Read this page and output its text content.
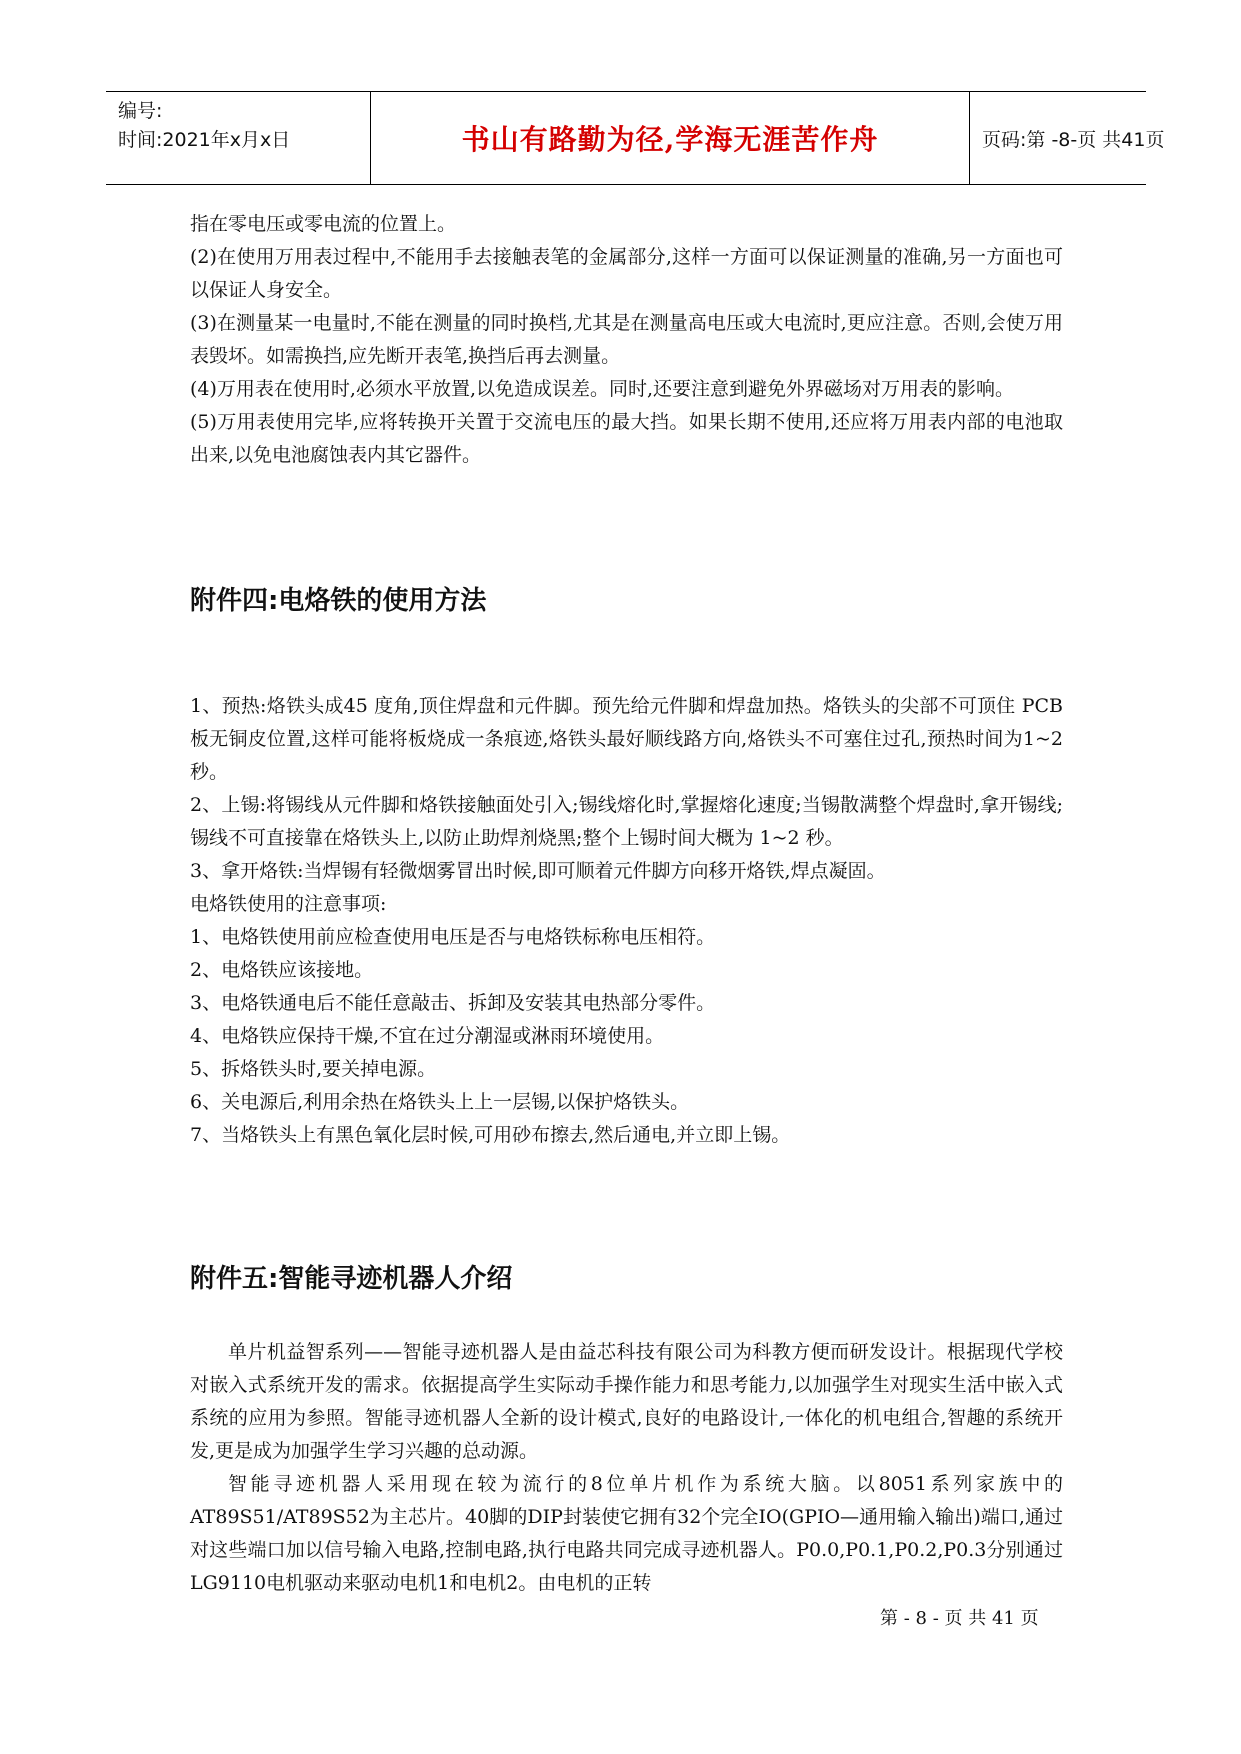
编号:
时间:2021年x月x日	书山有路勤为径,学海无涯苦作舟	页码:第 -8-页 共41页

指在零电压或零电流的位置上。

(2)在使用万用表过程中,不能用手去接触表笔的金属部分,这样一方面可以保证测量的准确,另一方面也可以保证人身安全。

(3)在测量某一电量时,不能在测量的同时换档,尤其是在测量高电压或大电流时,更应注意。否则,会使万用表毁坏。如需换挡,应先断开表笔,换挡后再去测量。

(4)万用表在使用时,必须水平放置,以免造成误差。同时,还要注意到避免外界磁场对万用表的影响。

(5)万用表使用完毕,应将转换开关置于交流电压的最大挡。如果长期不使用,还应将万用表内部的电池取出来,以免电池腐蚀表内其它器件。

附件四:电烙铁的使用方法

1、预热:烙铁头成45 度角,顶住焊盘和元件脚。预先给元件脚和焊盘加热。烙铁头的尖部不可顶住 PCB 板无铜皮位置,这样可能将板烧成一条痕迹,烙铁头最好顺线路方向,烙铁头不可塞住过孔,预热时间为1~2 秒。

2、上锡:将锡线从元件脚和烙铁接触面处引入;锡线熔化时,掌握熔化速度;当锡散满整个焊盘时,拿开锡线;锡线不可直接靠在烙铁头上,以防止助焊剂烧黑;整个上锡时间大概为 1~2 秒。

3、拿开烙铁:当焊锡有轻微烟雾冒出时候,即可顺着元件脚方向移开烙铁,焊点凝固。

电烙铁使用的注意事项:

1、电烙铁使用前应检查使用电压是否与电烙铁标称电压相符。

2、电烙铁应该接地。

3、电烙铁通电后不能任意敲击、拆卸及安装其电热部分零件。

4、电烙铁应保持干燥,不宜在过分潮湿或淋雨环境使用。

5、拆烙铁头时,要关掉电源。

6、关电源后,利用余热在烙铁头上上一层锡,以保护烙铁头。

7、当烙铁头上有黑色氧化层时候,可用砂布擦去,然后通电,并立即上锡。

附件五:智能寻迹机器人介绍

单片机益智系列——智能寻迹机器人是由益芯科技有限公司为科教方便而研发设计。根据现代学校对嵌入式系统开发的需求。依据提高学生实际动手操作能力和思考能力,以加强学生对现实生活中嵌入式系统的应用为参照。智能寻迹机器人全新的设计模式,良好的电路设计,一体化的机电组合,智趣的系统开发,更是成为加强学生学习兴趣的总动源。

智能寻迹机器人采用现在较为流行的8位单片机作为系统大脑。以8051系列家族中的AT89S51/AT89S52为主芯片。40脚的DIP封装使它拥有32个完全IO(GPIO—通用输入输出)端口,通过对这些端口加以信号输入电路,控制电路,执行电路共同完成寻迹机器人。P0.0,P0.1,P0.2,P0.3分别通过LG9110电机驱动来驱动电机1和电机2。由电机的正转

第 - 8 - 页 共 41 页
